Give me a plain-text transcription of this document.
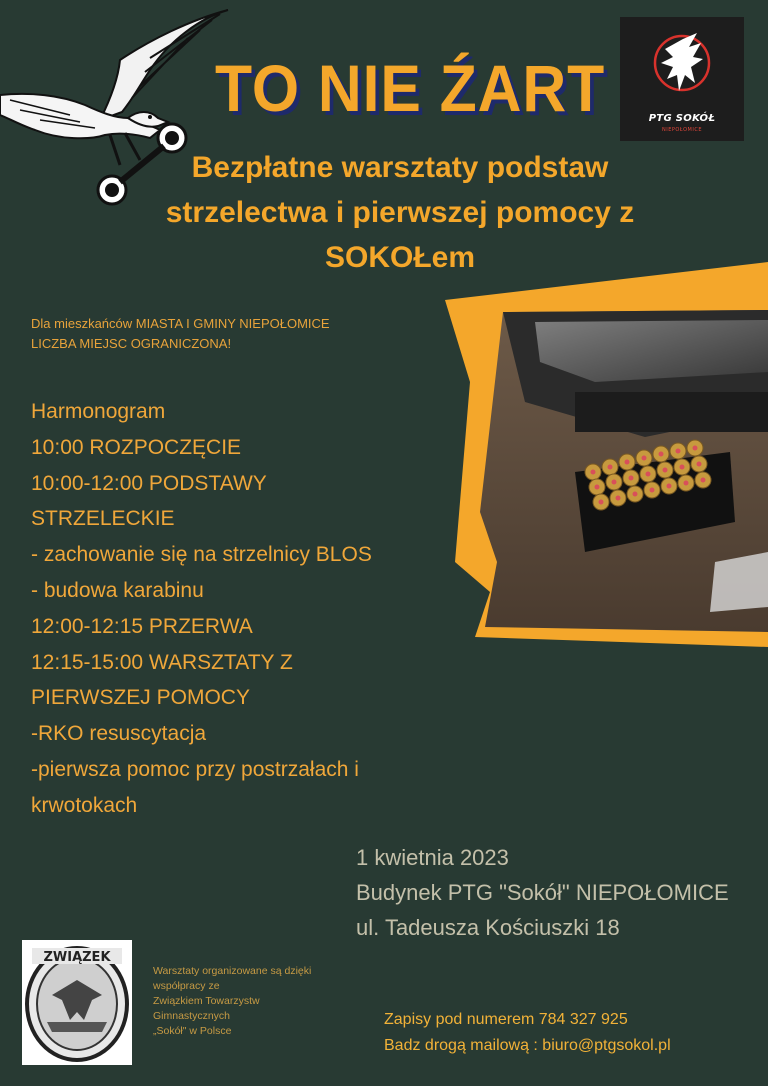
TO NIE ŹART	PTG SOKÓŁ
NIEPOŁOMICE
Bezpłatne warsztaty podstaw
strzelectwa i pierwszej pomocy z
SOKOŁem
Dla mieszkańców MIASTA I GMINY NIEPOŁOMICE
LICZBA MIEJSC OGRANICZONA!
Harmonogram
10:00 ROZPOCZĘCIE
10:00-12:00 PODSTAWY
STRZELECKIE
- zachowanie się na strzelnicy BLOS
- budowa karabinu
12:00-12:15 PRZERWA
12:15-15:00 WARSZTATY Z
PIERWSZEJ POMOCY
-RKO resuscytacja
-pierwsza pomoc przy postrzałach i
krwotokach
1 kwietnia 2023
Budynek PTG "Sokół" NIEPOŁOMICE
ul. Tadeusza Kościuszki 18
ZWIĄZEK
Warsztaty organizowane są dzięki
współpracy ze
Związkiem Towarzystw
Gimnastycznych
„Sokół" w Polsce
Zapisy pod numerem 784 327 925
Badz drogą mailową : biuro@ptgsokol.pl
